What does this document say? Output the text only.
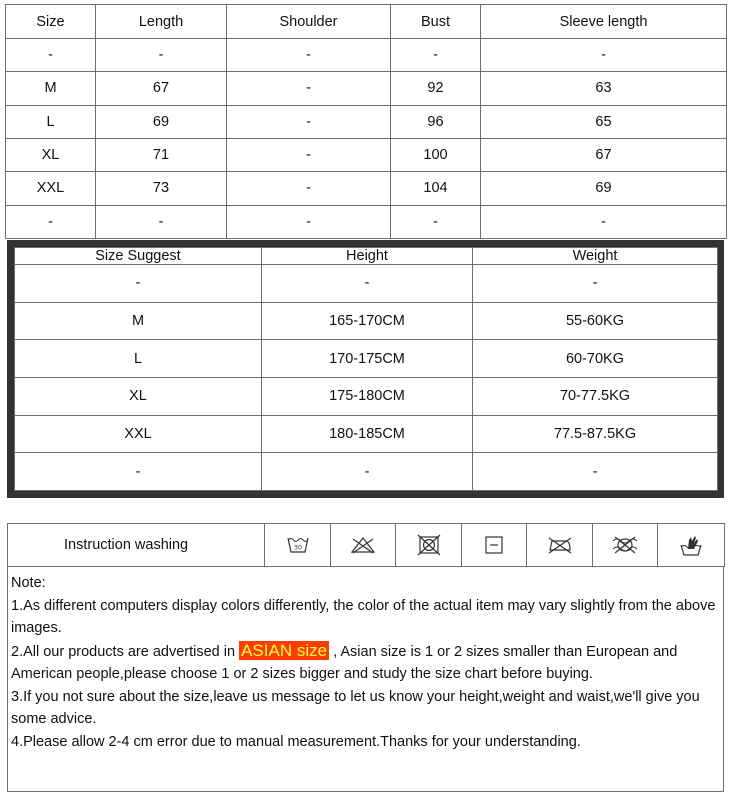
Size	Length	Shoulder	Bust	Sleeve length
-	-	-	-	-
M	67	-	92	63
L	69	-	96	65
XL	71	-	100	67
XXL	73	-	104	69
-	-	-	-	-
Size Suggest	Height	Weight
-	-	-
M	165-170CM	55-60KG
L	170-175CM	60-70KG
XL	175-180CM	70-77.5KG
XXL	180-185CM	77.5-87.5KG
-	-	-
Instruction washing	30

Note:

1.As different computers display colors differently, the color of the actual item may vary slightly from the above images.

2.All our products are advertised in ASIAN size , Asian size is 1 or 2 sizes smaller than European and

American people,please choose 1 or 2 sizes bigger and study the size chart before buying.

3.If you not sure about the size,leave us message to let us know your height,weight and waist,we'll give you some advice.

4.Please allow 2-4 cm error due to manual measurement.Thanks for your understanding.
